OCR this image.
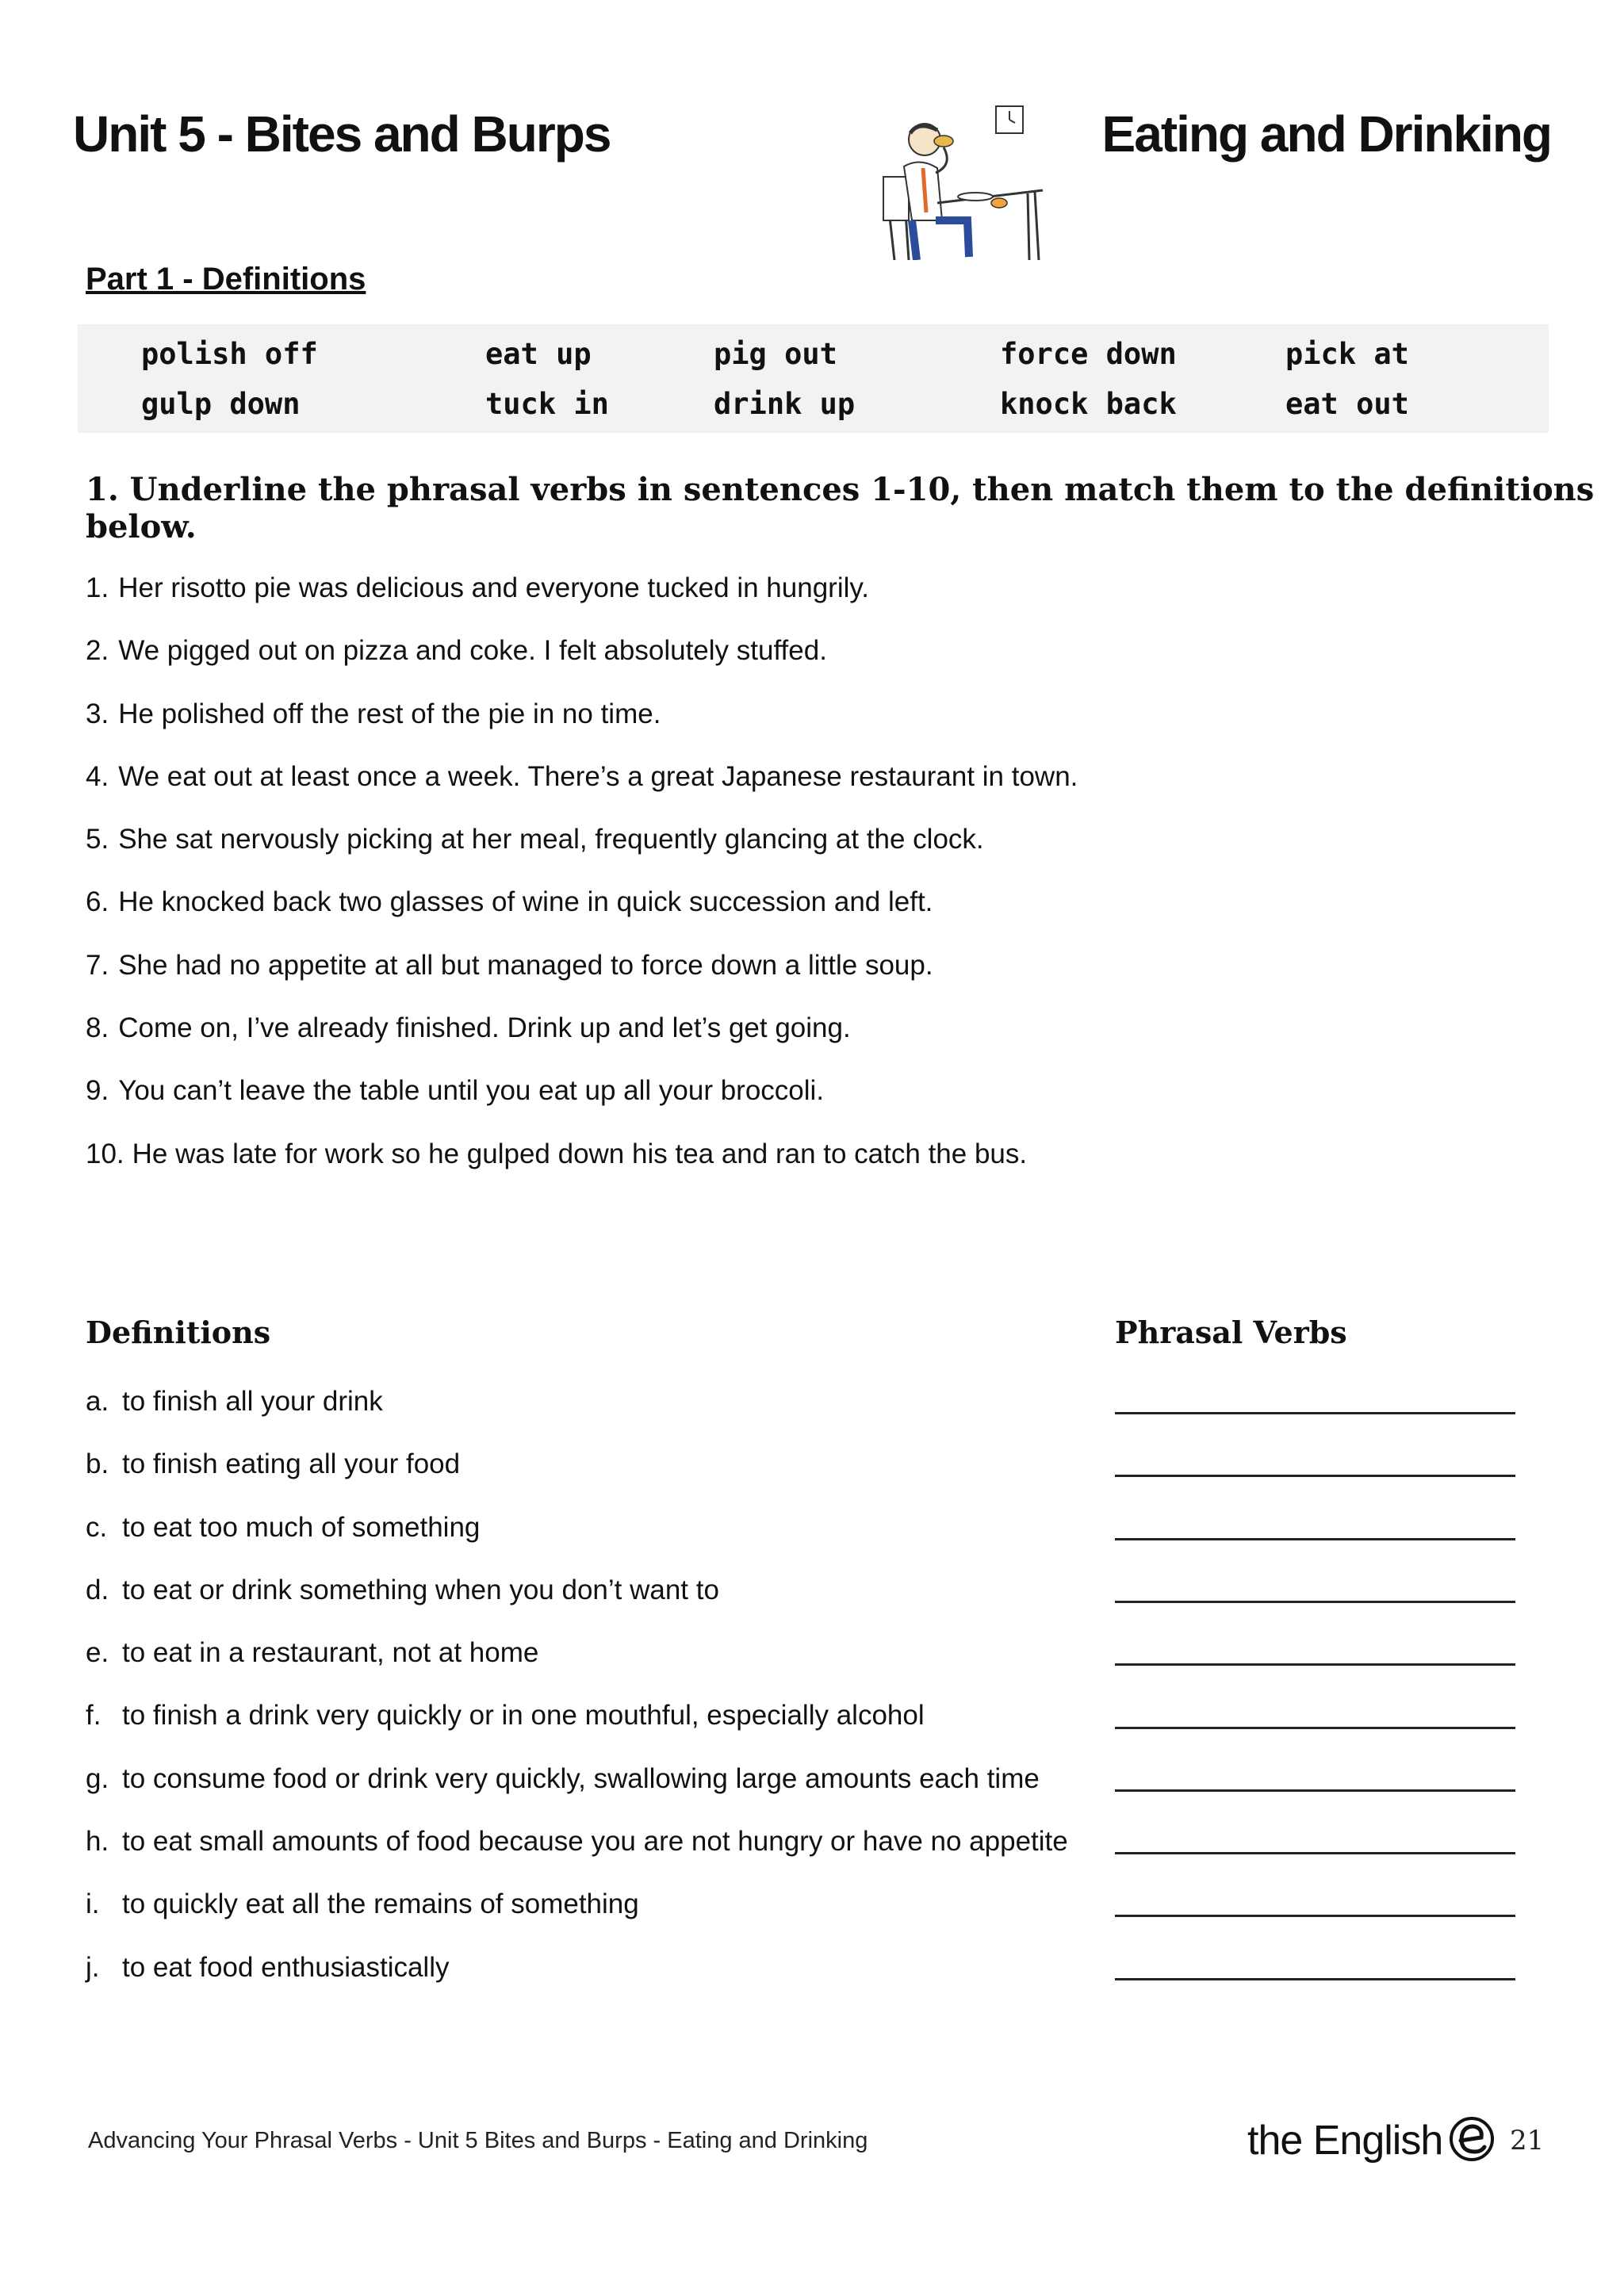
Unit 5 - Bites and Burps	Eating and Drinking
Part 1 - Definitions
polish off	eat up	pig out	force down	pick at
gulp down	tuck in	drink up	knock back	eat out
1. Underline the phrasal verbs in sentences 1-10, then match them to the definitions below.
1. Her risotto pie was delicious and everyone tucked in hungrily.
2. We pigged out on pizza and coke. I felt absolutely stuffed.
3. He polished off the rest of the pie in no time.
4. We eat out at least once a week. There’s a great Japanese restaurant in town.
5. She sat nervously picking at her meal, frequently glancing at the clock.
6. He knocked back two glasses of wine in quick succession and left.
7. She had no appetite at all but managed to force down a little soup.
8. Come on, I’ve already finished. Drink up and let’s get going.
9. You can’t leave the table until you eat up all your broccoli.
10. He was late for work so he gulped down his tea and ran to catch the bus.
Definitions	Phrasal Verbs
a. to finish all your drink
b. to finish eating all your food
c. to eat too much of something
d. to eat or drink something when you don’t want to
e. to eat in a restaurant, not at home
f. to finish a drink very quickly or in one mouthful, especially alcohol
g. to consume food or drink very quickly, swallowing large amounts each time
h. to eat small amounts of food because you are not hungry or have no appetite
i. to quickly eat all the remains of something
j. to eat food enthusiastically
Advancing Your Phrasal Verbs - Unit 5 Bites and Burps - Eating and Drinking	the English 21
